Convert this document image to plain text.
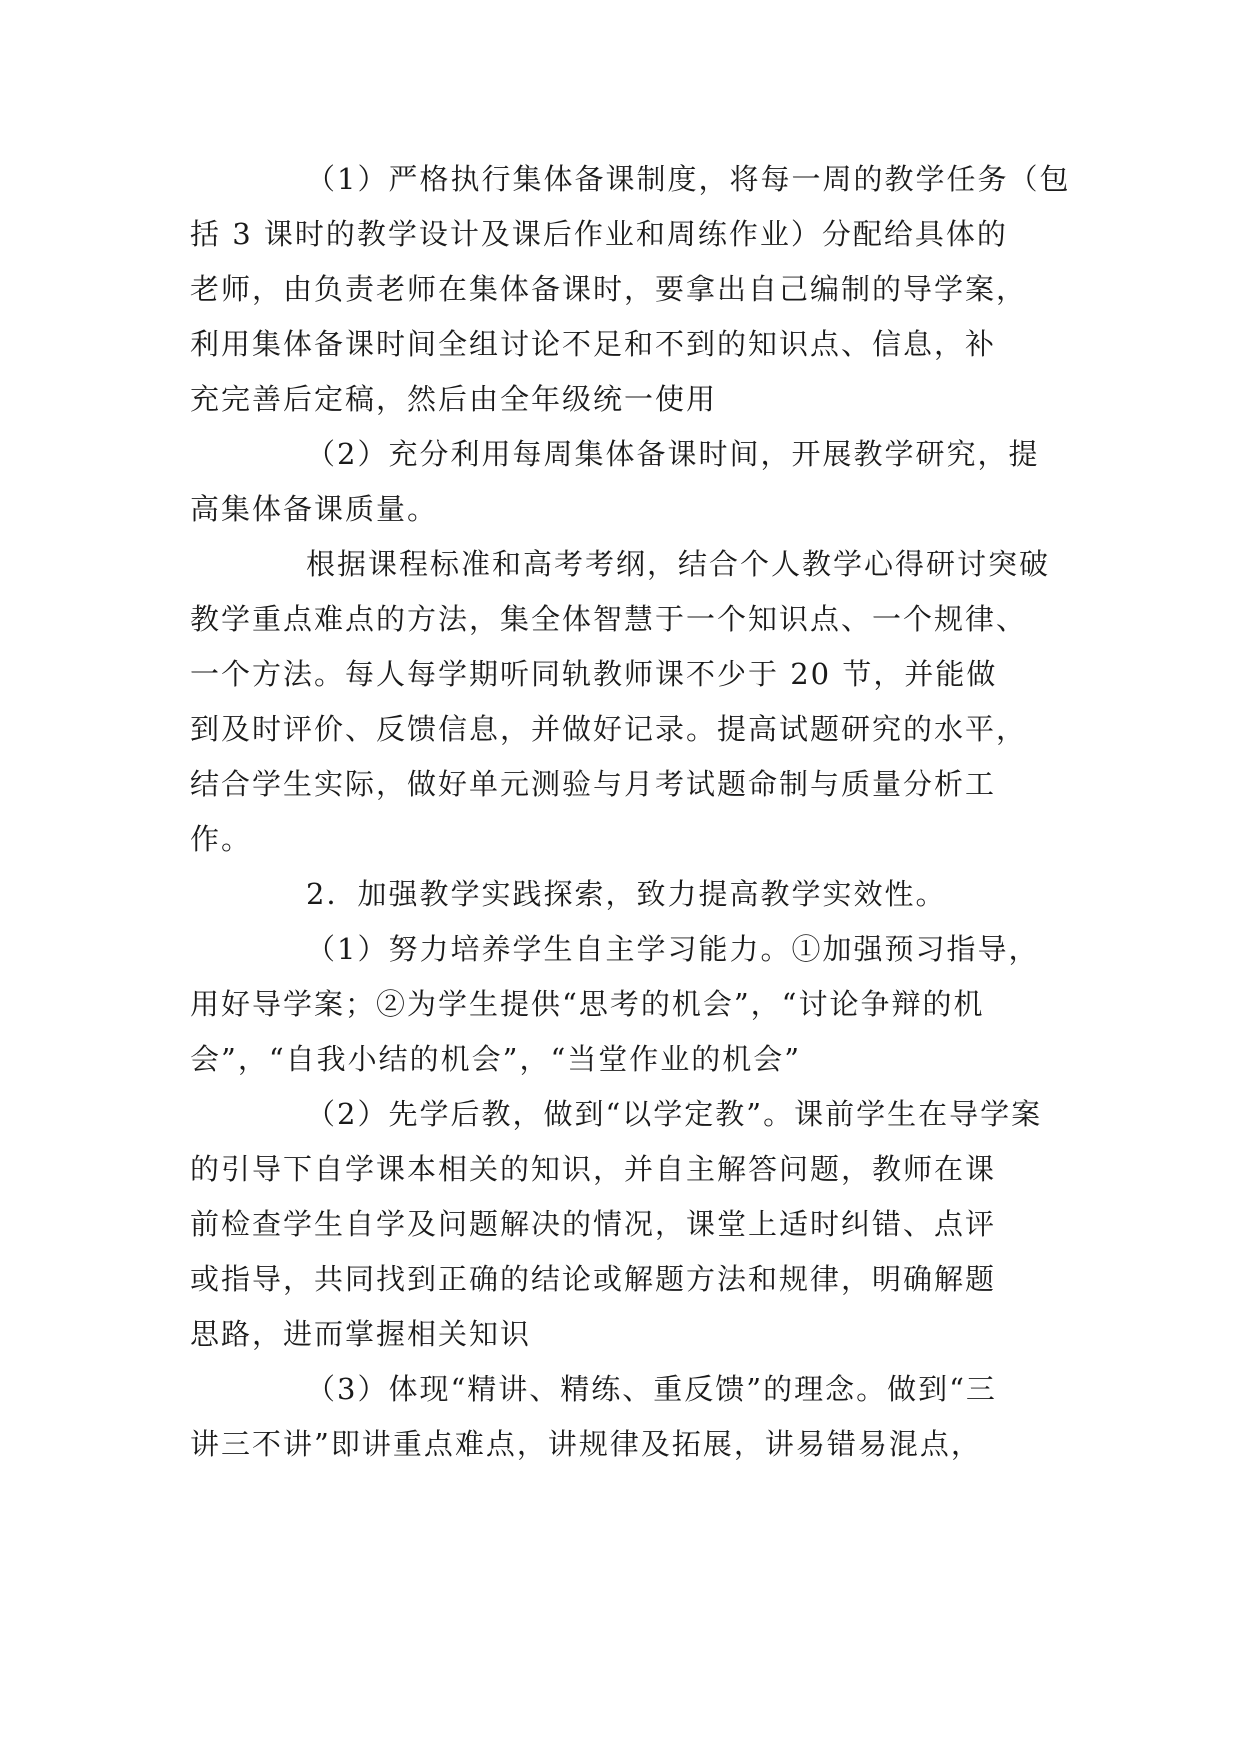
（1）严格执行集体备课制度，将每一周的教学任务（包
括 3 课时的教学设计及课后作业和周练作业）分配给具体的
老师，由负责老师在集体备课时，要拿出自己编制的导学案，
利用集体备课时间全组讨论不足和不到的知识点、信息，补
充完善后定稿，然后由全年级统一使用
（2）充分利用每周集体备课时间，开展教学研究，提
高集体备课质量。
根据课程标准和高考考纲，结合个人教学心得研讨突破
教学重点难点的方法，集全体智慧于一个知识点、一个规律、
一个方法。每人每学期听同轨教师课不少于 20 节，并能做
到及时评价、反馈信息，并做好记录。提高试题研究的水平，
结合学生实际，做好单元测验与月考试题命制与质量分析工
作。
2．加强教学实践探索，致力提高教学实效性。
（1）努力培养学生自主学习能力。①加强预习指导，
用好导学案；②为学生提供“思考的机会”，“讨论争辩的机
会”，“自我小结的机会”，“当堂作业的机会”
（2）先学后教，做到“以学定教”。课前学生在导学案
的引导下自学课本相关的知识，并自主解答问题，教师在课
前检查学生自学及问题解决的情况，课堂上适时纠错、点评
或指导，共同找到正确的结论或解题方法和规律，明确解题
思路，进而掌握相关知识
（3）体现“精讲、精练、重反馈”的理念。做到“三
讲三不讲”即讲重点难点，讲规律及拓展，讲易错易混点，
